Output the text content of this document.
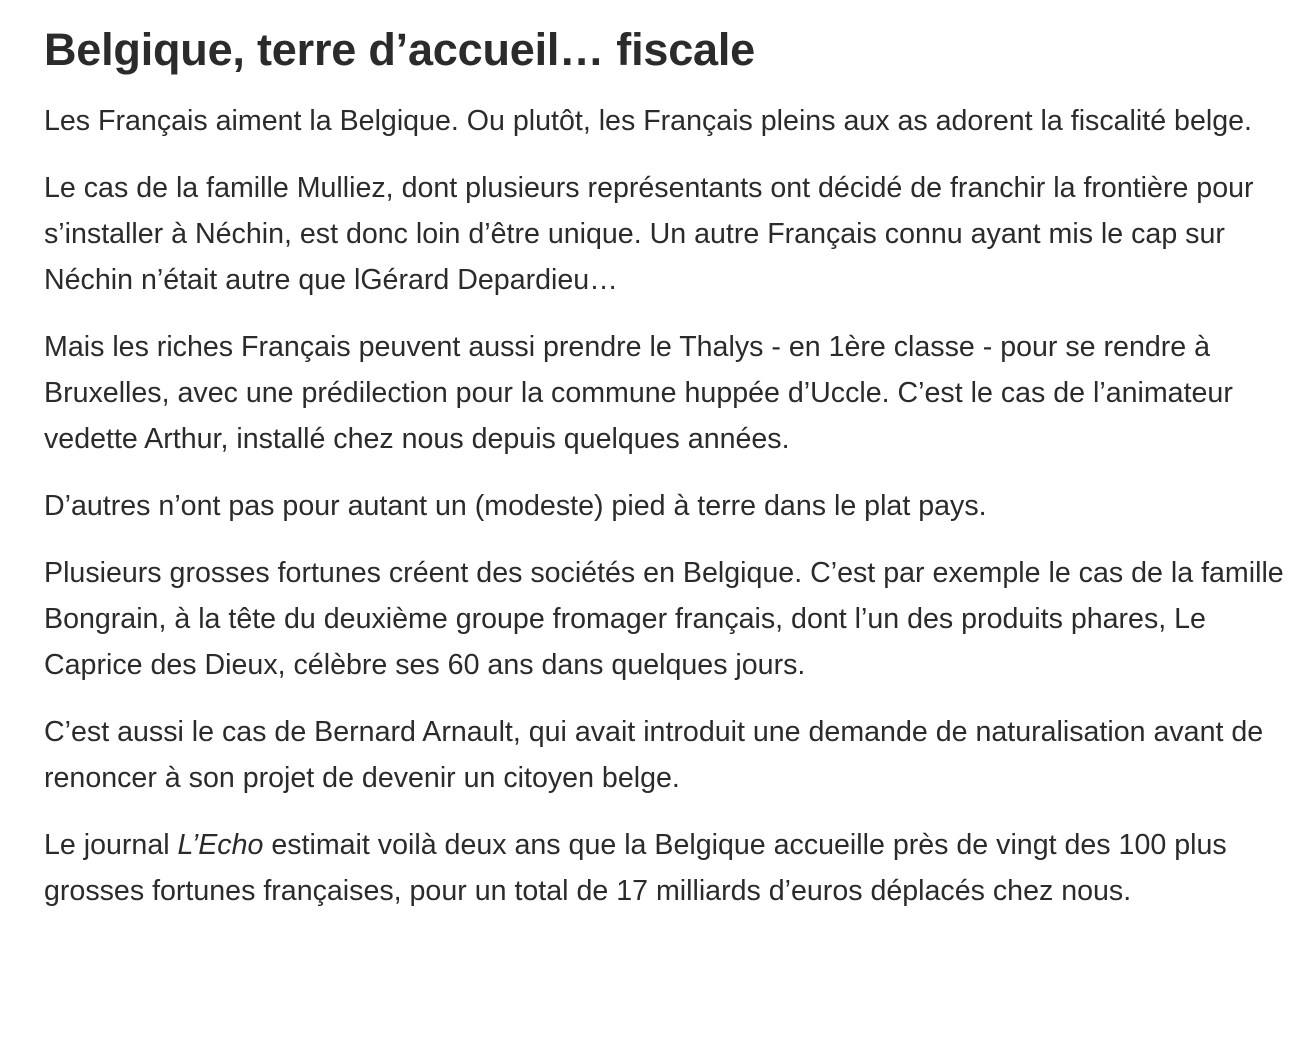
Belgique, terre d’accueil… fiscale

Les Français aiment la Belgique. Ou plutôt, les Français pleins aux as adorent la fiscalité belge.

Le cas de la famille Mulliez, dont plusieurs représentants ont décidé de franchir la frontière pour s’installer à Néchin, est donc loin d’être unique. Un autre Français connu ayant mis le cap sur Néchin n’était autre que lGérard Depardieu…

Mais les riches Français peuvent aussi prendre le Thalys - en 1ère classe - pour se rendre à Bruxelles, avec une prédilection pour la commune huppée d’Uccle. C’est le cas de l’animateur vedette Arthur, installé chez nous depuis quelques années.

D’autres n’ont pas pour autant un (modeste) pied à terre dans le plat pays.

Plusieurs grosses fortunes créent des sociétés en Belgique. C’est par exemple le cas de la famille Bongrain, à la tête du deuxième groupe fromager français, dont l’un des produits phares, Le Caprice des Dieux, célèbre ses 60 ans dans quelques jours.

C’est aussi le cas de Bernard Arnault, qui avait introduit une demande de naturalisation avant de renoncer à son projet de devenir un citoyen belge.

Le journal L’Echo estimait voilà deux ans que la Belgique accueille près de vingt des 100 plus grosses fortunes françaises, pour un total de 17 milliards d’euros déplacés chez nous.
